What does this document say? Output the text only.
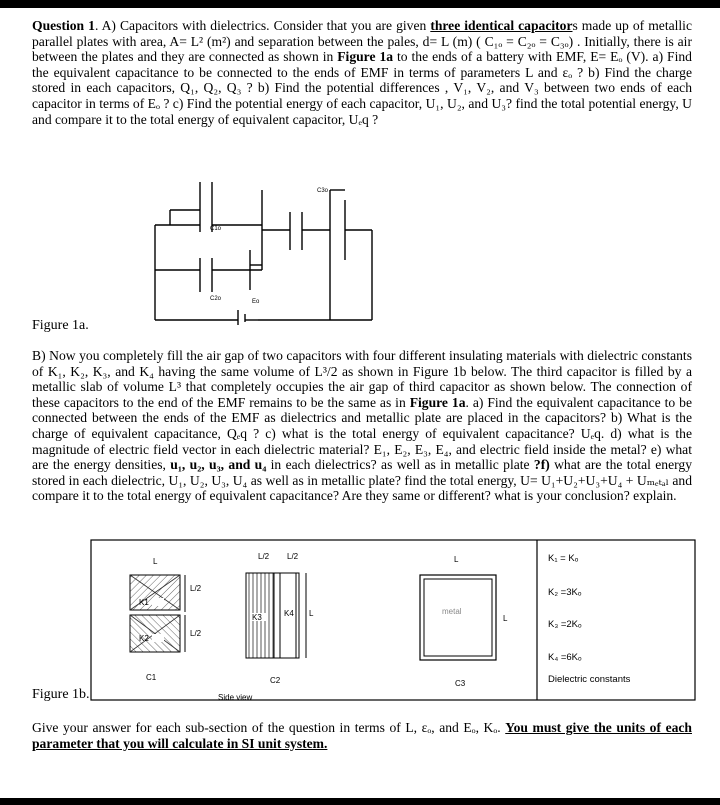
Question 1. A) Capacitors with dielectrics. Consider that you are given three identical capacitors made up of metallic parallel plates with area, A= L² (m²) and separation between the pales, d= L (m) ( C₁ₒ = C₂ₒ = C₃ₒ) . Initially, there is air between the plates and they are connected as shown in Figure 1a to the ends of a battery with EMF, E= Eₒ (V). a) Find the equivalent capacitance to be connected to the ends of EMF in terms of parameters L and εₒ ? b) Find the charge stored in each capacitors, Q₁, Q₂, Q₃ ? b) Find the potential differences , V₁, V₂, and V₃ between two ends of each capacitor in terms of Eₒ ? c) Find the potential energy of each capacitor, U₁, U₂, and U₃? find the total potential energy, U and compare it to the total energy of equivalent capacitor, Uₑq ?

C1o
C2o
C3o
Eo
Figure 1a.

B) Now you completely fill the air gap of two capacitors with four different insulating materials with dielectric constants of K₁, K₂, K₃, and K₄ having the same volume of L³/2 as shown in Figure 1b below. The third capacitor is filled by a metallic slab of volume L³ that completely occupies the air gap of third capacitor as shown below. The connection of these capacitors to the end of the EMF remains to be the same as in Figure 1a. a) Find the equivalent capacitance to be connected between the ends of the EMF as dielectrics and metallic plate are placed in the capacitors? b) What is the charge of equivalent capacitance, Qₑq ? c) what is the total energy of equivalent capacitance? Uₑq. d) what is the magnitude of electric field vector in each dielectric material? E₁, E₂, E₃, E₄, and electric field inside the metal? e) what are the energy densities, u₁, u₂, u₃, and u₄ in each dielectrics? as well as in metallic plate ?f) what are the total energy stored in each dielectric, U₁, U₂, U₃, U₄ as well as in metallic plate? find the total energy, U= U₁+U₂+U₃+U₄ + Uₘₑₜₐₗ and compare it to the total energy of equivalent capacitance? Are they same or different? what is your conclusion? explain.

L
K1
K2
L/2
L/2
C1
L/2 L/2
K3	K4 L
C2
Side view
L
metal
L
C3
K₁ = Kₒ
K₂ =3Kₒ
K₃ =2Kₒ
K₄ =6Kₒ
Dielectric constants
Figure 1b.

Give your answer for each sub-section of the question in terms of L, εₒ, and Eₒ, Kₒ. You must give the units of each parameter that you will calculate in SI unit system.
